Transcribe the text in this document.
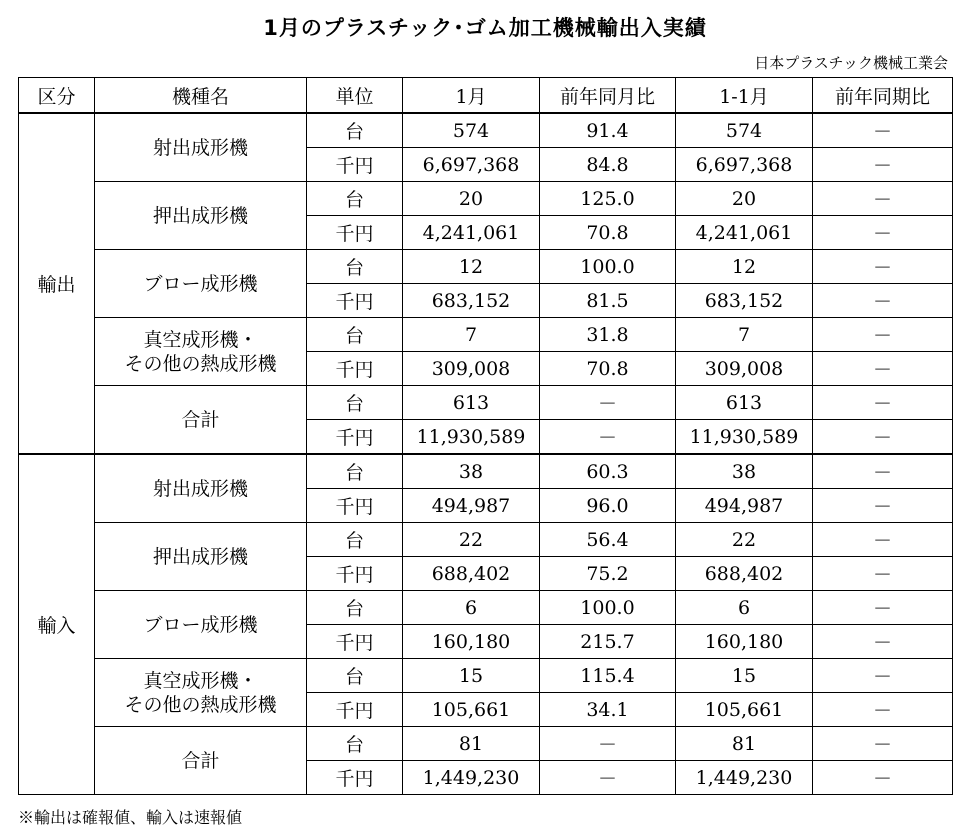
1月のプラスチック･ゴム加工機械輸出入実績
日本プラスチック機械工業会
区分	機種名	単位	1月	前年同月比	1-1月	前年同期比
輸出	射出成形機	台	574	91.4	574	－
		千円	6,697,368	84.8	6,697,368	－

	押出成形機	台	20	125.0	20	－
		千円	4,241,061	70.8	4,241,061	－

	ブロー成形機	台	12	100.0	12	－
		千円	683,152	81.5	683,152	－

	真空成形機・
その他の熱成形機	台	7	31.8	7	－
		千円	309,008	70.8	309,008	－

	合計	台	613	－	613	－
		千円	11,930,589	－	11,930,589	－
輸入	射出成形機	台	38	60.3	38	－
		千円	494,987	96.0	494,987	－

	押出成形機	台	22	56.4	22	－
		千円	688,402	75.2	688,402	－

	ブロー成形機	台	6	100.0	6	－
		千円	160,180	215.7	160,180	－

	真空成形機・
その他の熱成形機	台	15	115.4	15	－
		千円	105,661	34.1	105,661	－

	合計	台	81	－	81	－
		千円	1,449,230	－	1,449,230	－
※輸出は確報値、輸入は速報値
